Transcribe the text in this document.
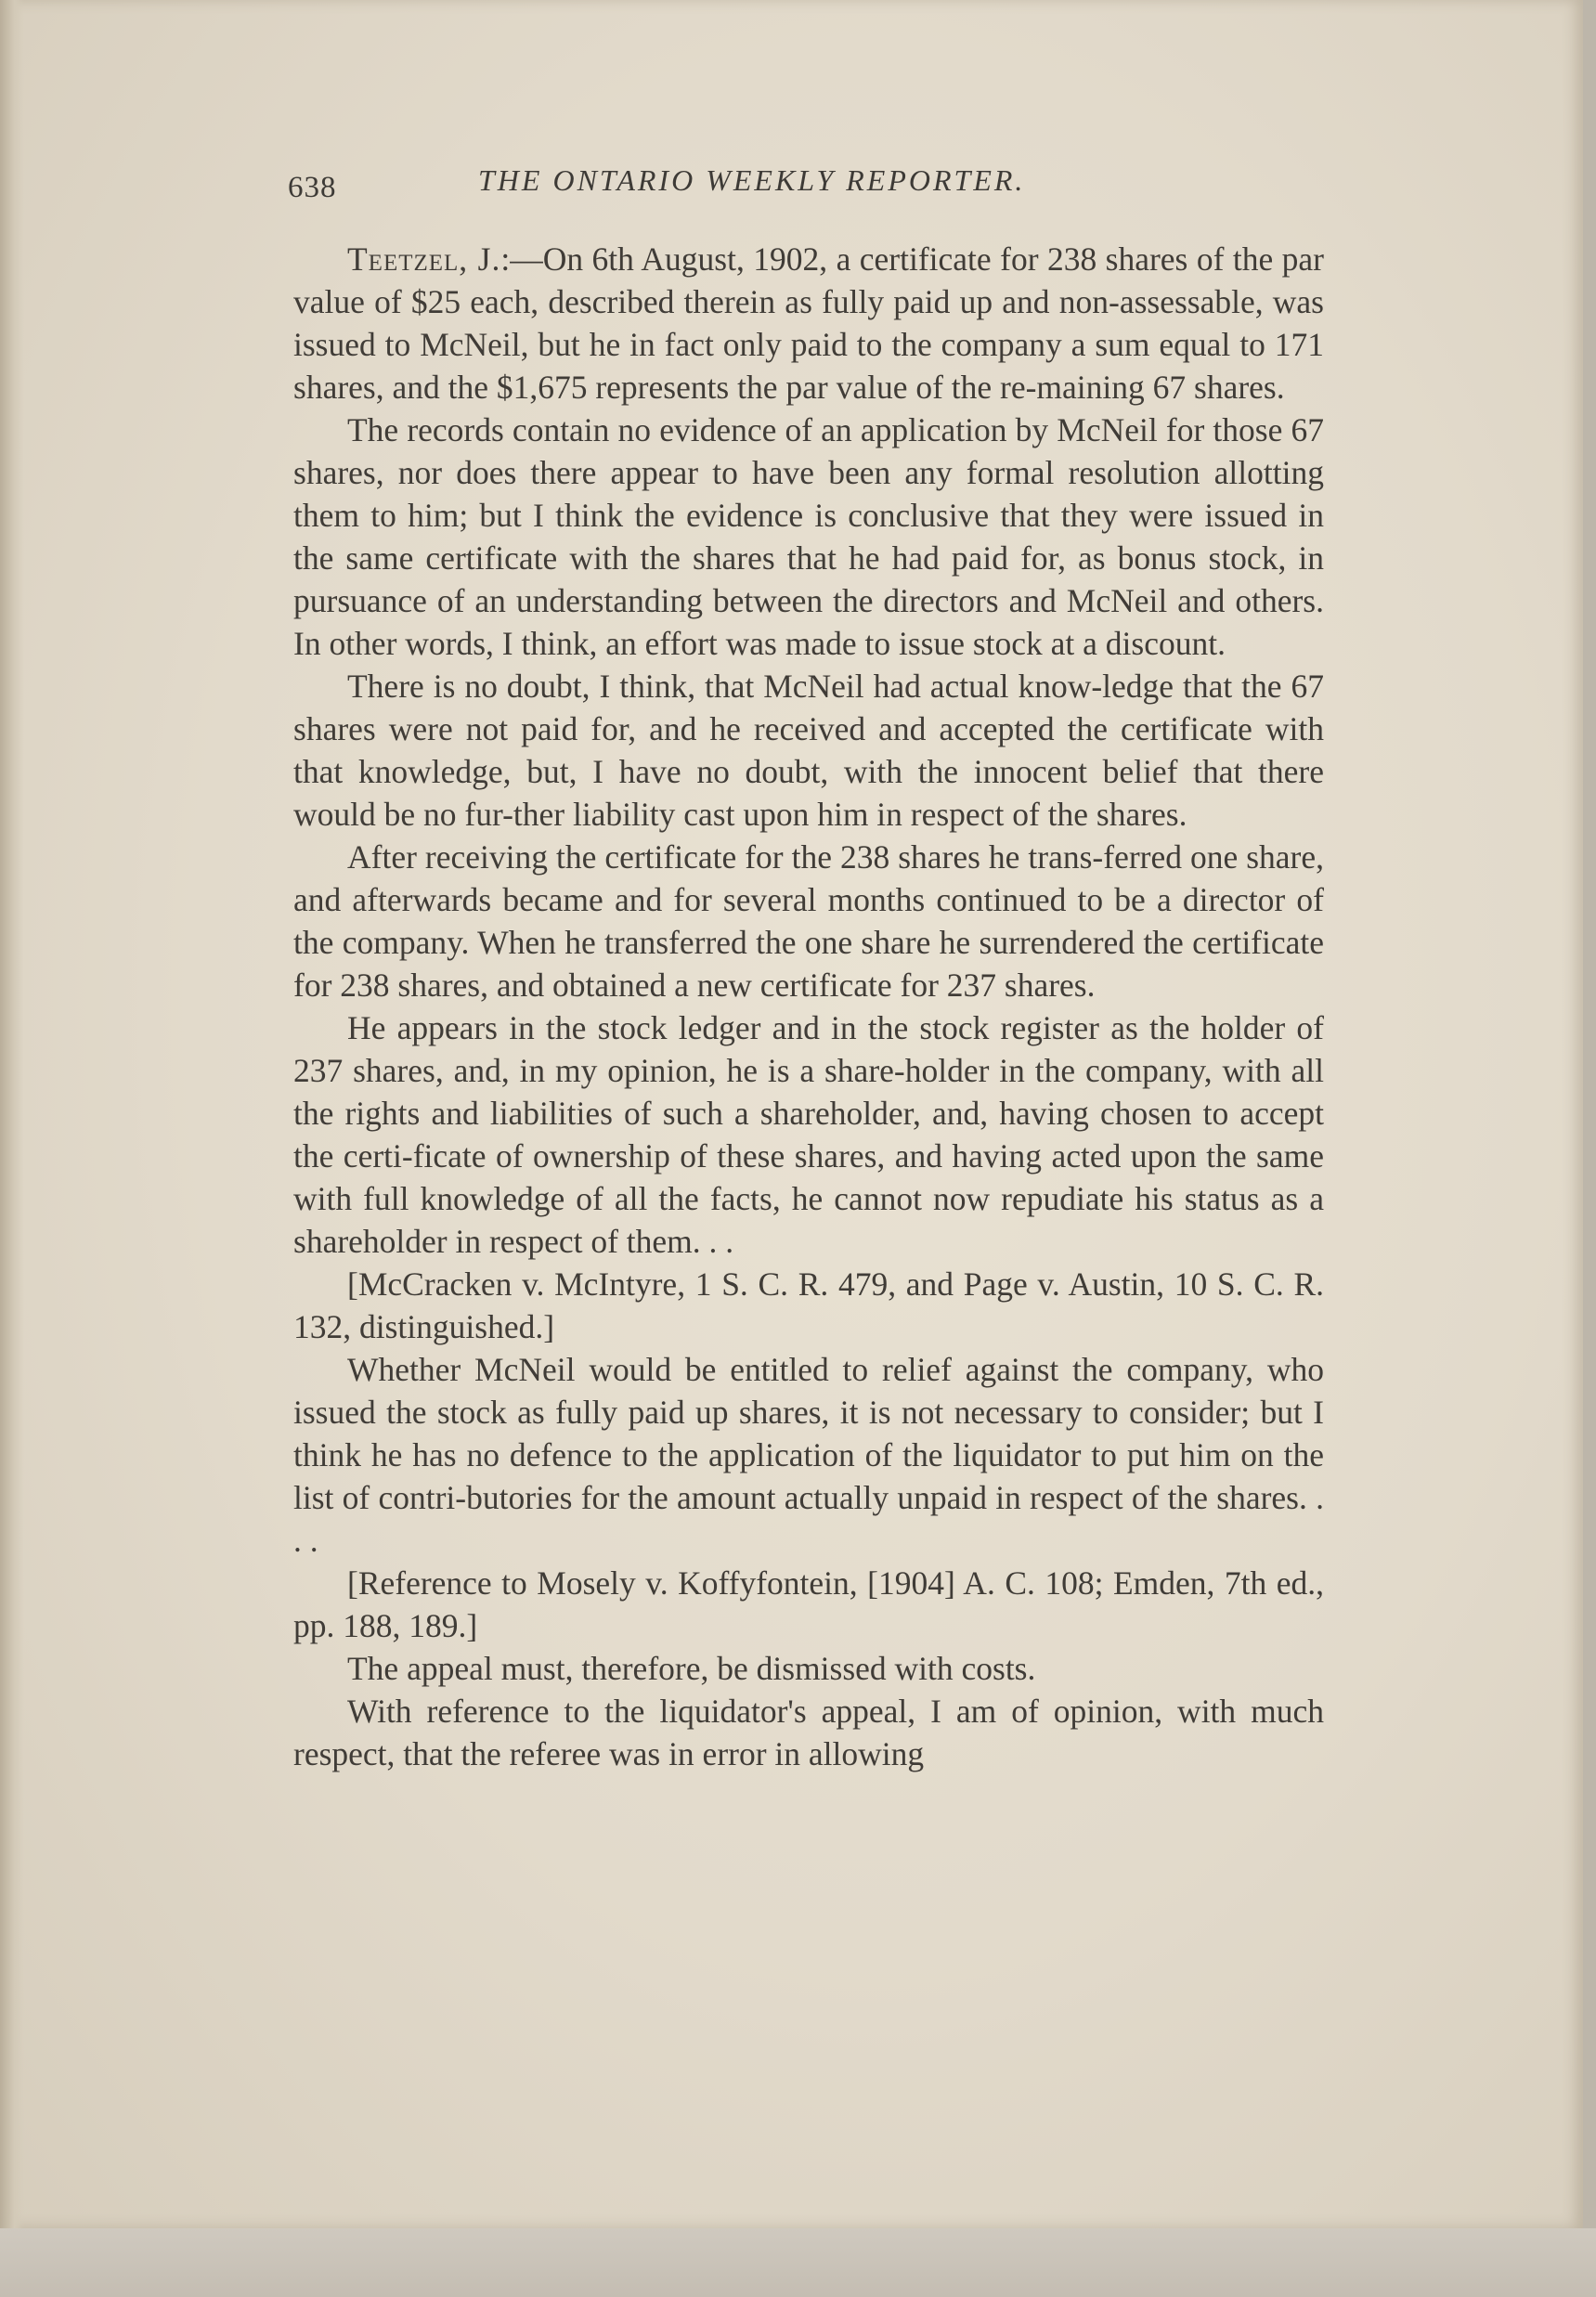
638	THE ONTARIO WEEKLY REPORTER.

Teetzel, J.:—On 6th August, 1902, a certificate for 238 shares of the par value of $25 each, described therein as fully paid up and non-assessable, was issued to McNeil, but he in fact only paid to the company a sum equal to 171 shares, and the $1,675 represents the par value of the re-maining 67 shares.

The records contain no evidence of an application by McNeil for those 67 shares, nor does there appear to have been any formal resolution allotting them to him; but I think the evidence is conclusive that they were issued in the same certificate with the shares that he had paid for, as bonus stock, in pursuance of an understanding between the directors and McNeil and others. In other words, I think, an effort was made to issue stock at a discount.

There is no doubt, I think, that McNeil had actual know-ledge that the 67 shares were not paid for, and he received and accepted the certificate with that knowledge, but, I have no doubt, with the innocent belief that there would be no fur-ther liability cast upon him in respect of the shares.

After receiving the certificate for the 238 shares he trans-ferred one share, and afterwards became and for several months continued to be a director of the company. When he transferred the one share he surrendered the certificate for 238 shares, and obtained a new certificate for 237 shares.

He appears in the stock ledger and in the stock register as the holder of 237 shares, and, in my opinion, he is a share-holder in the company, with all the rights and liabilities of such a shareholder, and, having chosen to accept the certi-ficate of ownership of these shares, and having acted upon the same with full knowledge of all the facts, he cannot now repudiate his status as a shareholder in respect of them. . .

[McCracken v. McIntyre, 1 S. C. R. 479, and Page v. Austin, 10 S. C. R. 132, distinguished.]

Whether McNeil would be entitled to relief against the company, who issued the stock as fully paid up shares, it is not necessary to consider; but I think he has no defence to the application of the liquidator to put him on the list of contri-butories for the amount actually unpaid in respect of the shares. . . .

[Reference to Mosely v. Koffyfontein, [1904] A. C. 108; Emden, 7th ed., pp. 188, 189.]

The appeal must, therefore, be dismissed with costs.

With reference to the liquidator's appeal, I am of opinion, with much respect, that the referee was in error in allowing
